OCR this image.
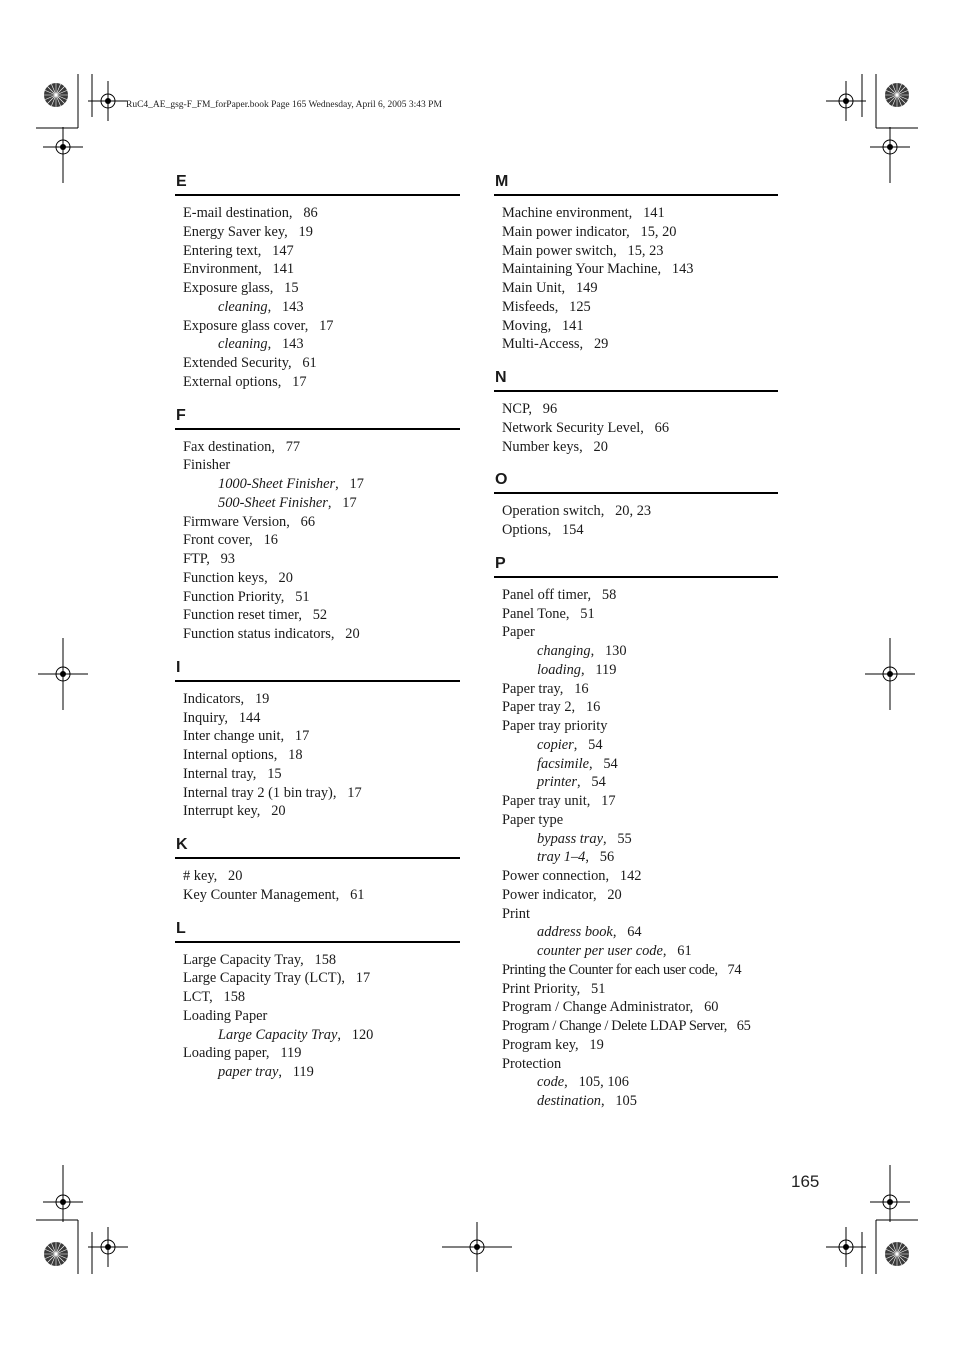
RuC4_AE_gsg-F_FM_forPaper.book Page 165 Wednesday, April 6, 2005 3:43 PM
E
E-mail destination, 86
Energy Saver key, 19
Entering text, 147
Environment, 141
Exposure glass, 15
cleaning,   143
Exposure glass cover, 17
cleaning,   143
Extended Security, 61
External options, 17
F
Fax destination, 77
Finisher
1000-Sheet Finisher,   17
500-Sheet Finisher,   17
Firmware Version, 66
Front cover, 16
FTP, 93
Function keys, 20
Function Priority, 51
Function reset timer, 52
Function status indicators, 20
I
Indicators, 19
Inquiry, 144
Inter change unit, 17
Internal options, 18
Internal tray, 15
Internal tray 2 (1 bin tray), 17
Interrupt key, 20
K
# key, 20
Key Counter Management, 61
L
Large Capacity Tray, 158
Large Capacity Tray (LCT), 17
LCT, 158
Loading Paper
Large Capacity Tray,   120
Loading paper, 119
paper tray,   119
M
Machine environment, 141
Main power indicator, 15, 20
Main power switch, 15, 23
Maintaining Your Machine, 143
Main Unit, 149
Misfeeds, 125
Moving, 141
Multi-Access, 29
N
NCP, 96
Network Security Level, 66
Number keys, 20
O
Operation switch, 20, 23
Options, 154
P
Panel off timer, 58
Panel Tone, 51
Paper
changing,   130
loading,   119
Paper tray, 16
Paper tray 2, 16
Paper tray priority
copier,   54
facsimile,   54
printer,   54
Paper tray unit, 17
Paper type
bypass tray,   55
tray 1–4,   56
Power connection, 142
Power indicator, 20
Print
address book,   64
counter per user code,   61
Printing the Counter for each user code, 74
Print Priority, 51
Program / Change Administrator, 60
Program / Change / Delete LDAP Server, 65
Program key, 19
Protection
code,   105, 106
destination,   105
165
